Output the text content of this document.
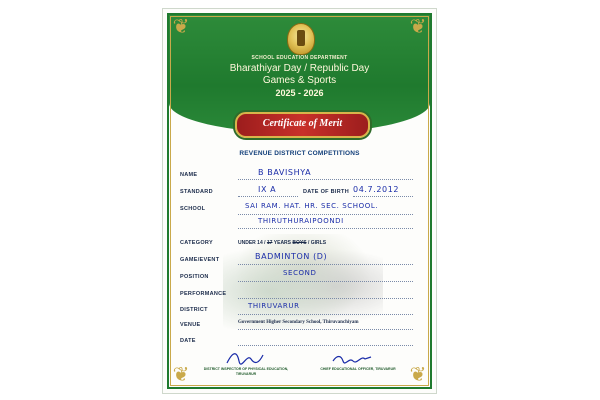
❦	❦
❦	❦
SCHOOL EDUCATION DEPARTMENT
Bharathiyar Day / Republic Day
Games & Sports
2025 - 2026
Certificate of Merit
REVENUE DISTRICT COMPETITIONS
NAME	B BAVISHYA
STANDARD	IX A	DATE OF BIRTH 04.7.2012
SCHOOL	SAI RAM. HAT. HR. SEC. SCHOOL.
THIRUTHURAIPOONDI
CATEGORY	UNDER 14 / 17 YEARS BOYS / GIRLS
GAME/EVENT	BADMINTON (D)
POSITION	SECOND
PERFORMANCE
DISTRICT	THIRUVARUR
VENUE	Government Higher Secondary School, Thiruvanchiyam
DATE
DISTRICT INSPECTOR OF PHYSICAL EDUCATION, TIRUVARUR
CHIEF EDUCATIONAL OFFICER, TIRUVARUR
